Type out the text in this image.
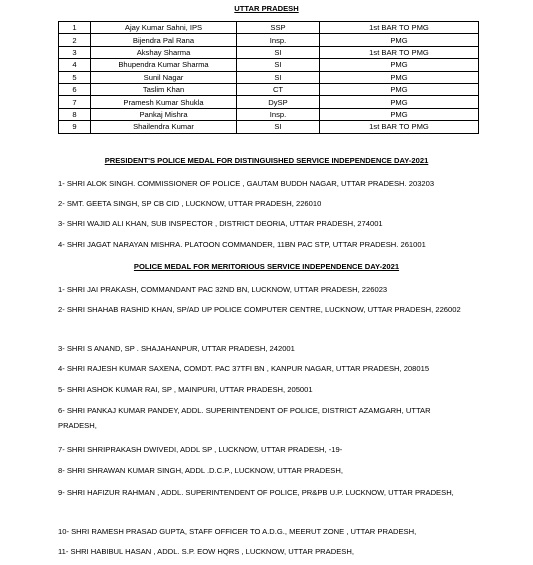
UTTAR PRADESH
1	Ajay Kumar Sahni, IPS	SSP	1st BAR TO PMG
2	Bijendra Pal Rana	Insp.	PMG
3	Akshay Sharma	SI	1st BAR TO PMG
4	Bhupendra Kumar Sharma	SI	PMG
5	Sunil Nagar	SI	PMG
6	Taslim Khan	CT	PMG
7	Pramesh Kumar Shukla	DySP	PMG
8	Pankaj Mishra	Insp.	PMG
9	Shailendra Kumar	SI	1st BAR TO PMG
PRESIDENT'S POLICE MEDAL FOR DISTINGUISHED SERVICE INDEPENDENCE DAY-2021
1- SHRI ALOK SINGH. COMMISSIONER OF POLICE , GAUTAM BUDDH NAGAR, UTTAR PRADESH. 203203
2- SMT. GEETA SINGH, SP CB CID , LUCKNOW, UTTAR PRADESH, 226010
3- SHRI WAJID ALI KHAN, SUB INSPECTOR , DISTRICT DEORIA, UTTAR PRADESH, 274001
4- SHRI JAGAT NARAYAN MISHRA. PLATOON COMMANDER, 11BN PAC STP, UTTAR PRADESH. 261001
POLICE MEDAL FOR MERITORIOUS SERVICE INDEPENDENCE DAY-2021
1- SHRI JAI PRAKASH, COMMANDANT PAC 32ND BN, LUCKNOW, UTTAR PRADESH, 226023
2- SHRI SHAHAB RASHID KHAN, SP/AD UP POLICE COMPUTER CENTRE, LUCKNOW, UTTAR PRADESH, 226002
3- SHRI S ANAND, SP . SHAJAHANPUR, UTTAR PRADESH, 242001
4- SHRI RAJESH KUMAR SAXENA, COMDT. PAC 37TFI BN , KANPUR NAGAR, UTTAR PRADESH, 208015
5- SHRI ASHOK KUMAR RAI, SP , MAINPURI, UTTAR PRADESH, 205001
6- SHRI PANKAJ KUMAR PANDEY, ADDL. SUPERINTENDENT OF POLICE, DISTRICT AZAMGARH, UTTAR PRADESH,
7- SHRI SHRIPRAKASH DWIVEDI, ADDL SP , LUCKNOW, UTTAR PRADESH, -19-
8- SHRI SHRAWAN KUMAR SINGH, ADDL .D.C.P., LUCKNOW, UTTAR PRADESH,
9- SHRI HAFIZUR RAHMAN , ADDL. SUPERINTENDENT OF POLICE, PR&PB U.P. LUCKNOW, UTTAR PRADESH,
10- SHRI RAMESH PRASAD GUPTA, STAFF OFFICER TO A.D.G., MEERUT ZONE , UTTAR PRADESH,
11- SHRI HABIBUL HASAN , ADDL. S.P. EOW HQRS , LUCKNOW, UTTAR PRADESH,
